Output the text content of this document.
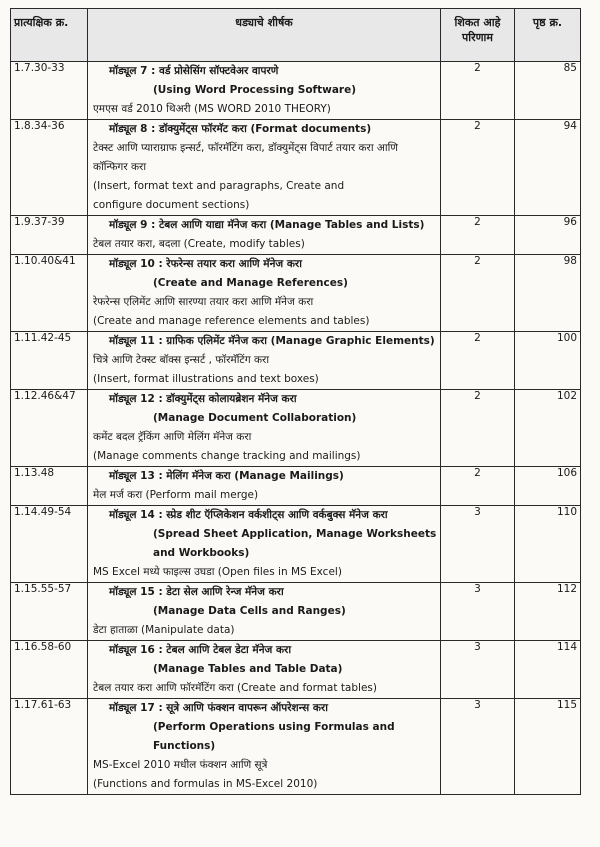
प्रात्यक्षिक क्र.	धड्याचे शीर्षक	शिकत आहे परिणाम	पृष्ठ क्र.
1.7.30-33	मॉड्यूल 7 : वर्ड प्रोसेसिंग सॉफ्टवेअर वापरणे
(Using Word Processing Software)
एमएस वर्ड 2010 थिअरी (MS WORD 2010 THEORY)	2	85
1.8.34-36	मॉड्यूल 8 : डॉक्युमेंट्स फॉरमॅट करा (Format documents)
टेक्स्ट आणि प्याराग्राफ इन्सर्ट, फॉरमॅटिंग करा, डॉक्युमेंट्स विपार्ट तयार करा आणि
कॉन्फिगर करा
(Insert, format text and paragraphs, Create and
configure document sections)	2	94
1.9.37-39	मॉड्यूल 9 : टेबल आणि याद्या मॅनेज करा (Manage Tables and Lists)
टेबल तयार करा, बदला (Create, modify tables)	2	96
1.10.40&41	मॉड्यूल 10 : रेफरेन्स तयार करा आणि मॅनेज करा
(Create and Manage References)
रेफरेन्स एलिमेंट आणि सारण्या तयार करा आणि मॅनेज करा
(Create and manage reference elements and tables)	2	98
1.11.42-45	मॉड्यूल 11 : ग्राफिक एलिमेंट मॅनेज करा (Manage Graphic Elements)
चित्रे आणि टेक्स्ट बॉक्स इन्सर्ट , फॉरमॅटिंग करा
(Insert, format illustrations and text boxes)	2	100
1.12.46&47	मॉड्यूल 12 : डॉक्युमेंट्स कोलायब्रेशन मॅनेज करा
(Manage Document Collaboration)
कमेंट बदल ट्रॅकिंग आणि मेलिंग मॅनेज करा
(Manage comments change tracking and mailings)	2	102
1.13.48	मॉड्यूल 13 : मेलिंग मॅनेज करा (Manage Mailings)
मेल मर्ज करा (Perform mail merge)	2	106
1.14.49-54	मॉड्यूल 14 : स्प्रेड शीट ऍप्लिकेशन वर्कशीट्स आणि वर्कबुक्स मॅनेज करा
(Spread Sheet Application, Manage Worksheets and Workbooks)
MS Excel मध्ये फाइल्स उघडा (Open files in MS Excel)	3	110
1.15.55-57	मॉड्यूल 15 : डेटा सेल आणि रेन्ज मॅनेज करा
(Manage Data Cells and Ranges)
डेटा हाताळा (Manipulate data)	3	112
1.16.58-60	मॉड्यूल 16 : टेबल आणि टेबल डेटा मॅनेज करा
(Manage Tables and Table Data)
टेबल तयार करा आणि फॉरमॅटिंग करा (Create and format tables)	3	114
1.17.61-63	मॉड्यूल 17 : सूत्रे आणि फंक्शन वापरून ऑपरेशन्स करा
(Perform Operations using Formulas and Functions)
MS-Excel 2010 मधील फंक्शन आणि सूत्रे
(Functions and formulas in MS-Excel 2010)	3	115
